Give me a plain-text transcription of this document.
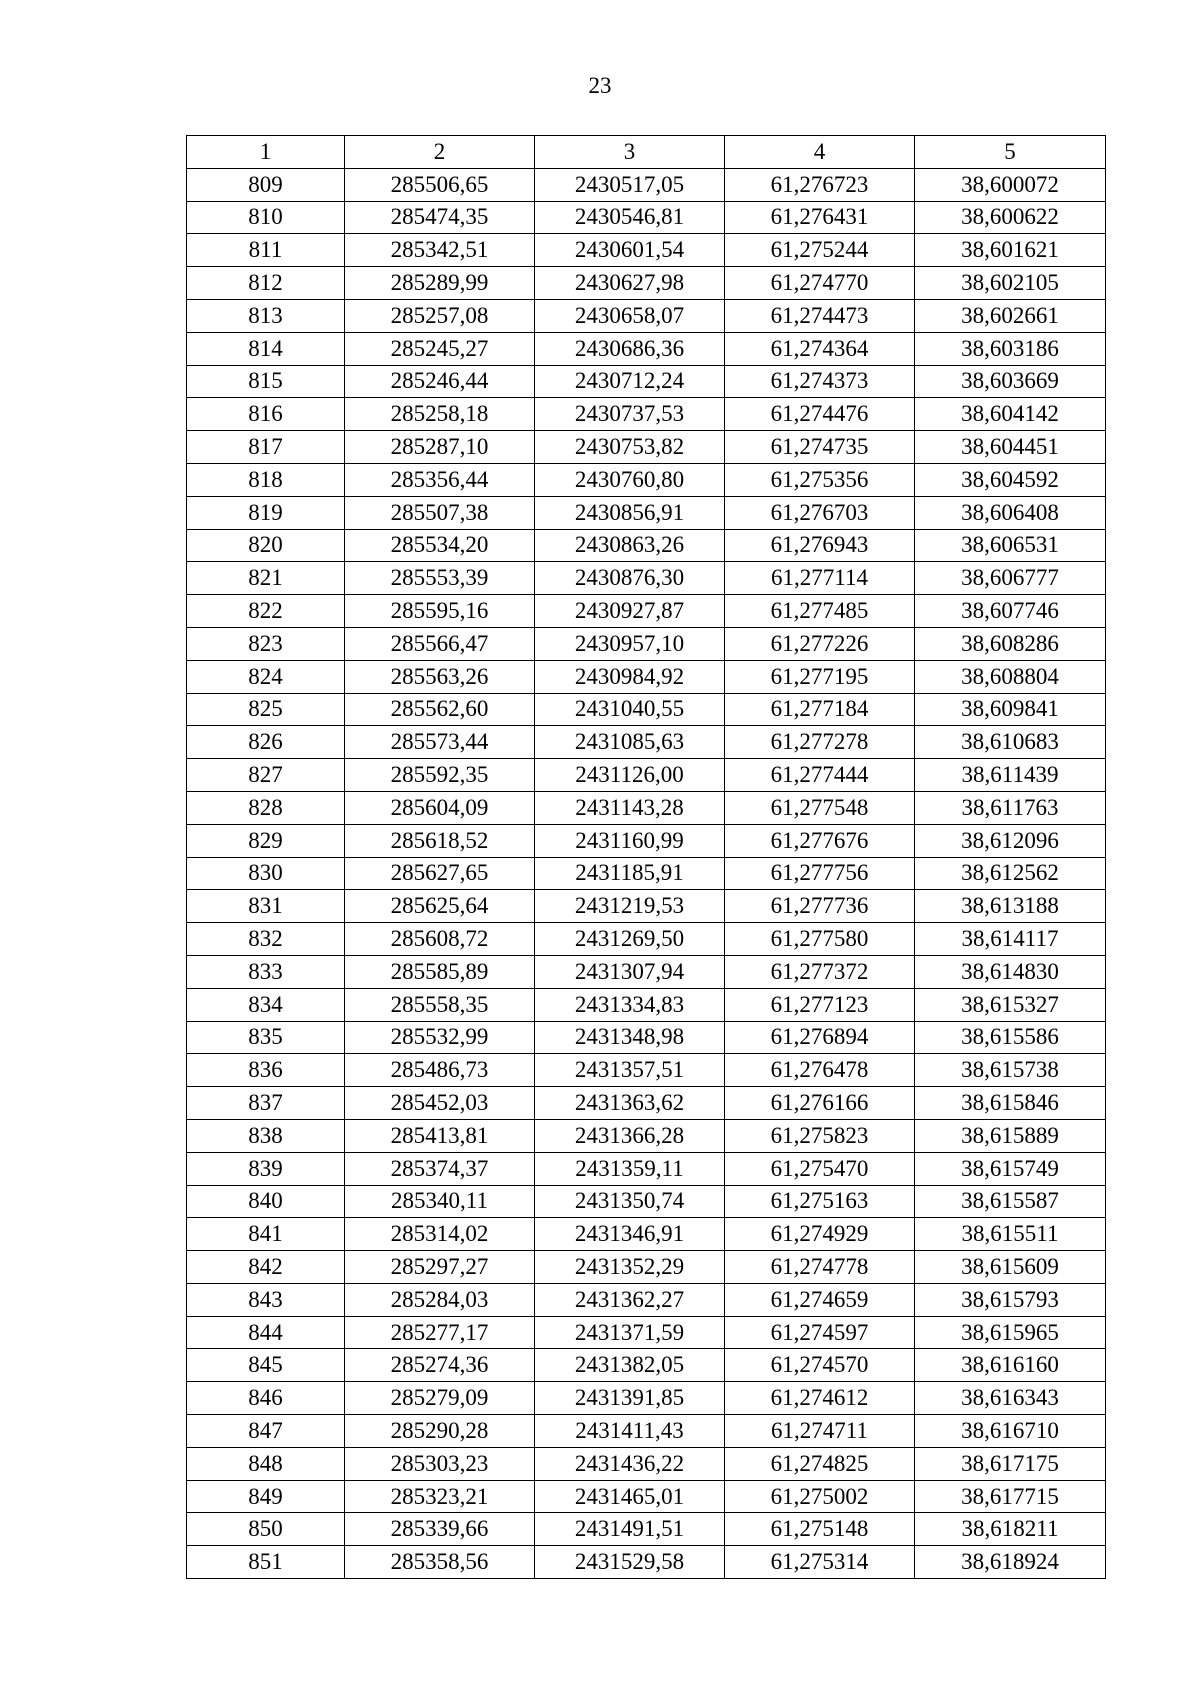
23
1	2	3	4	5
809	285506,65	2430517,05	61,276723	38,600072
810	285474,35	2430546,81	61,276431	38,600622
811	285342,51	2430601,54	61,275244	38,601621
812	285289,99	2430627,98	61,274770	38,602105
813	285257,08	2430658,07	61,274473	38,602661
814	285245,27	2430686,36	61,274364	38,603186
815	285246,44	2430712,24	61,274373	38,603669
816	285258,18	2430737,53	61,274476	38,604142
817	285287,10	2430753,82	61,274735	38,604451
818	285356,44	2430760,80	61,275356	38,604592
819	285507,38	2430856,91	61,276703	38,606408
820	285534,20	2430863,26	61,276943	38,606531
821	285553,39	2430876,30	61,277114	38,606777
822	285595,16	2430927,87	61,277485	38,607746
823	285566,47	2430957,10	61,277226	38,608286
824	285563,26	2430984,92	61,277195	38,608804
825	285562,60	2431040,55	61,277184	38,609841
826	285573,44	2431085,63	61,277278	38,610683
827	285592,35	2431126,00	61,277444	38,611439
828	285604,09	2431143,28	61,277548	38,611763
829	285618,52	2431160,99	61,277676	38,612096
830	285627,65	2431185,91	61,277756	38,612562
831	285625,64	2431219,53	61,277736	38,613188
832	285608,72	2431269,50	61,277580	38,614117
833	285585,89	2431307,94	61,277372	38,614830
834	285558,35	2431334,83	61,277123	38,615327
835	285532,99	2431348,98	61,276894	38,615586
836	285486,73	2431357,51	61,276478	38,615738
837	285452,03	2431363,62	61,276166	38,615846
838	285413,81	2431366,28	61,275823	38,615889
839	285374,37	2431359,11	61,275470	38,615749
840	285340,11	2431350,74	61,275163	38,615587
841	285314,02	2431346,91	61,274929	38,615511
842	285297,27	2431352,29	61,274778	38,615609
843	285284,03	2431362,27	61,274659	38,615793
844	285277,17	2431371,59	61,274597	38,615965
845	285274,36	2431382,05	61,274570	38,616160
846	285279,09	2431391,85	61,274612	38,616343
847	285290,28	2431411,43	61,274711	38,616710
848	285303,23	2431436,22	61,274825	38,617175
849	285323,21	2431465,01	61,275002	38,617715
850	285339,66	2431491,51	61,275148	38,618211
851	285358,56	2431529,58	61,275314	38,618924
